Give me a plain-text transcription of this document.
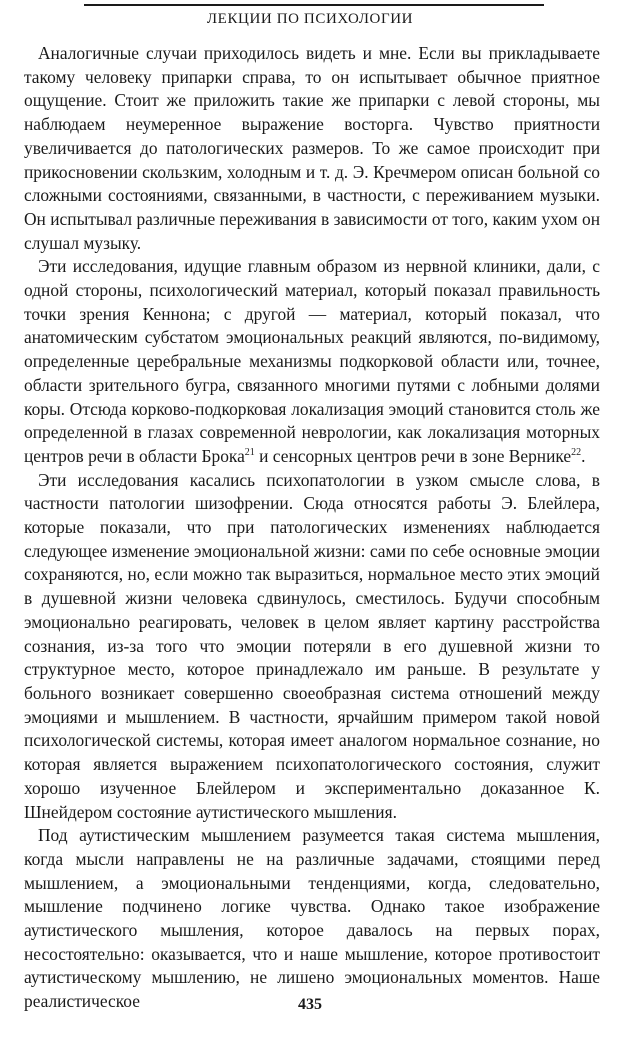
ЛЕКЦИИ ПО ПСИХОЛОГИИ

Аналогичные случаи приходилось видеть и мне. Если вы прикладываете такому человеку припарки справа, то он испытывает обычное приятное ощущение. Стоит же приложить такие же припарки с левой стороны, мы наблюдаем неумеренное выражение восторга. Чувство приятности увеличивается до патологических размеров. То же самое происходит при прикосновении скользким, холодным и т. д. Э. Кречмером описан больной со сложными состояниями, связанными, в частности, с переживанием музыки. Он испытывал различные переживания в зависимости от того, каким ухом он слушал музыку.

Эти исследования, идущие главным образом из нервной клиники, дали, с одной стороны, психологический материал, который показал правильность точки зрения Кеннона; с другой — материал, который показал, что анатомическим субстатом эмоциональных реакций являются, по-видимому, определенные церебральные механизмы подкорковой области или, точнее, области зрительного бугра, связанного многими путями с лобными долями коры. Отсюда корково-подкорковая локализация эмоций становится столь же определенной в глазах современной неврологии, как локализация моторных центров речи в области Брока$^{21}$ и сенсорных центров речи в зоне Вернике$^{22}$.

Эти исследования касались психопатологии в узком смысле слова, в частности патологии шизофрении. Сюда относятся работы Э. Блейлера, которые показали, что при патологических изменениях наблюдается следующее изменение эмоциональной жизни: сами по себе основные эмоции сохраняются, но, если можно так выразиться, нормальное место этих эмоций в душевной жизни человека сдвинулось, сместилось. Будучи способным эмоционально реагировать, человек в целом являет картину расстройства сознания, из-за того что эмоции потеряли в его душевной жизни то структурное место, которое принадлежало им раньше. В результате у больного возникает совершенно своеобразная система отношений между эмоциями и мышлением. В частности, ярчайшим примером такой новой психологической системы, которая имеет аналогом нормальное сознание, но которая является выражением психопатологического состояния, служит хорошо изученное Блейлером и экспериментально доказанное К. Шнейдером состояние аутистического мышления.

Под аутистическим мышлением разумеется такая система мышления, когда мысли направлены не на различные задачами, стоящими перед мышлением, а эмоциональными тенденциями, когда, следовательно, мышление подчинено логике чувства. Однако такое изображение аутистического мышления, которое давалось на первых порах, несостоятельно: оказывается, что и наше мышление, которое противостоит аутистическому мышлению, не лишено эмоциональных моментов. Наше реалистическое	435
